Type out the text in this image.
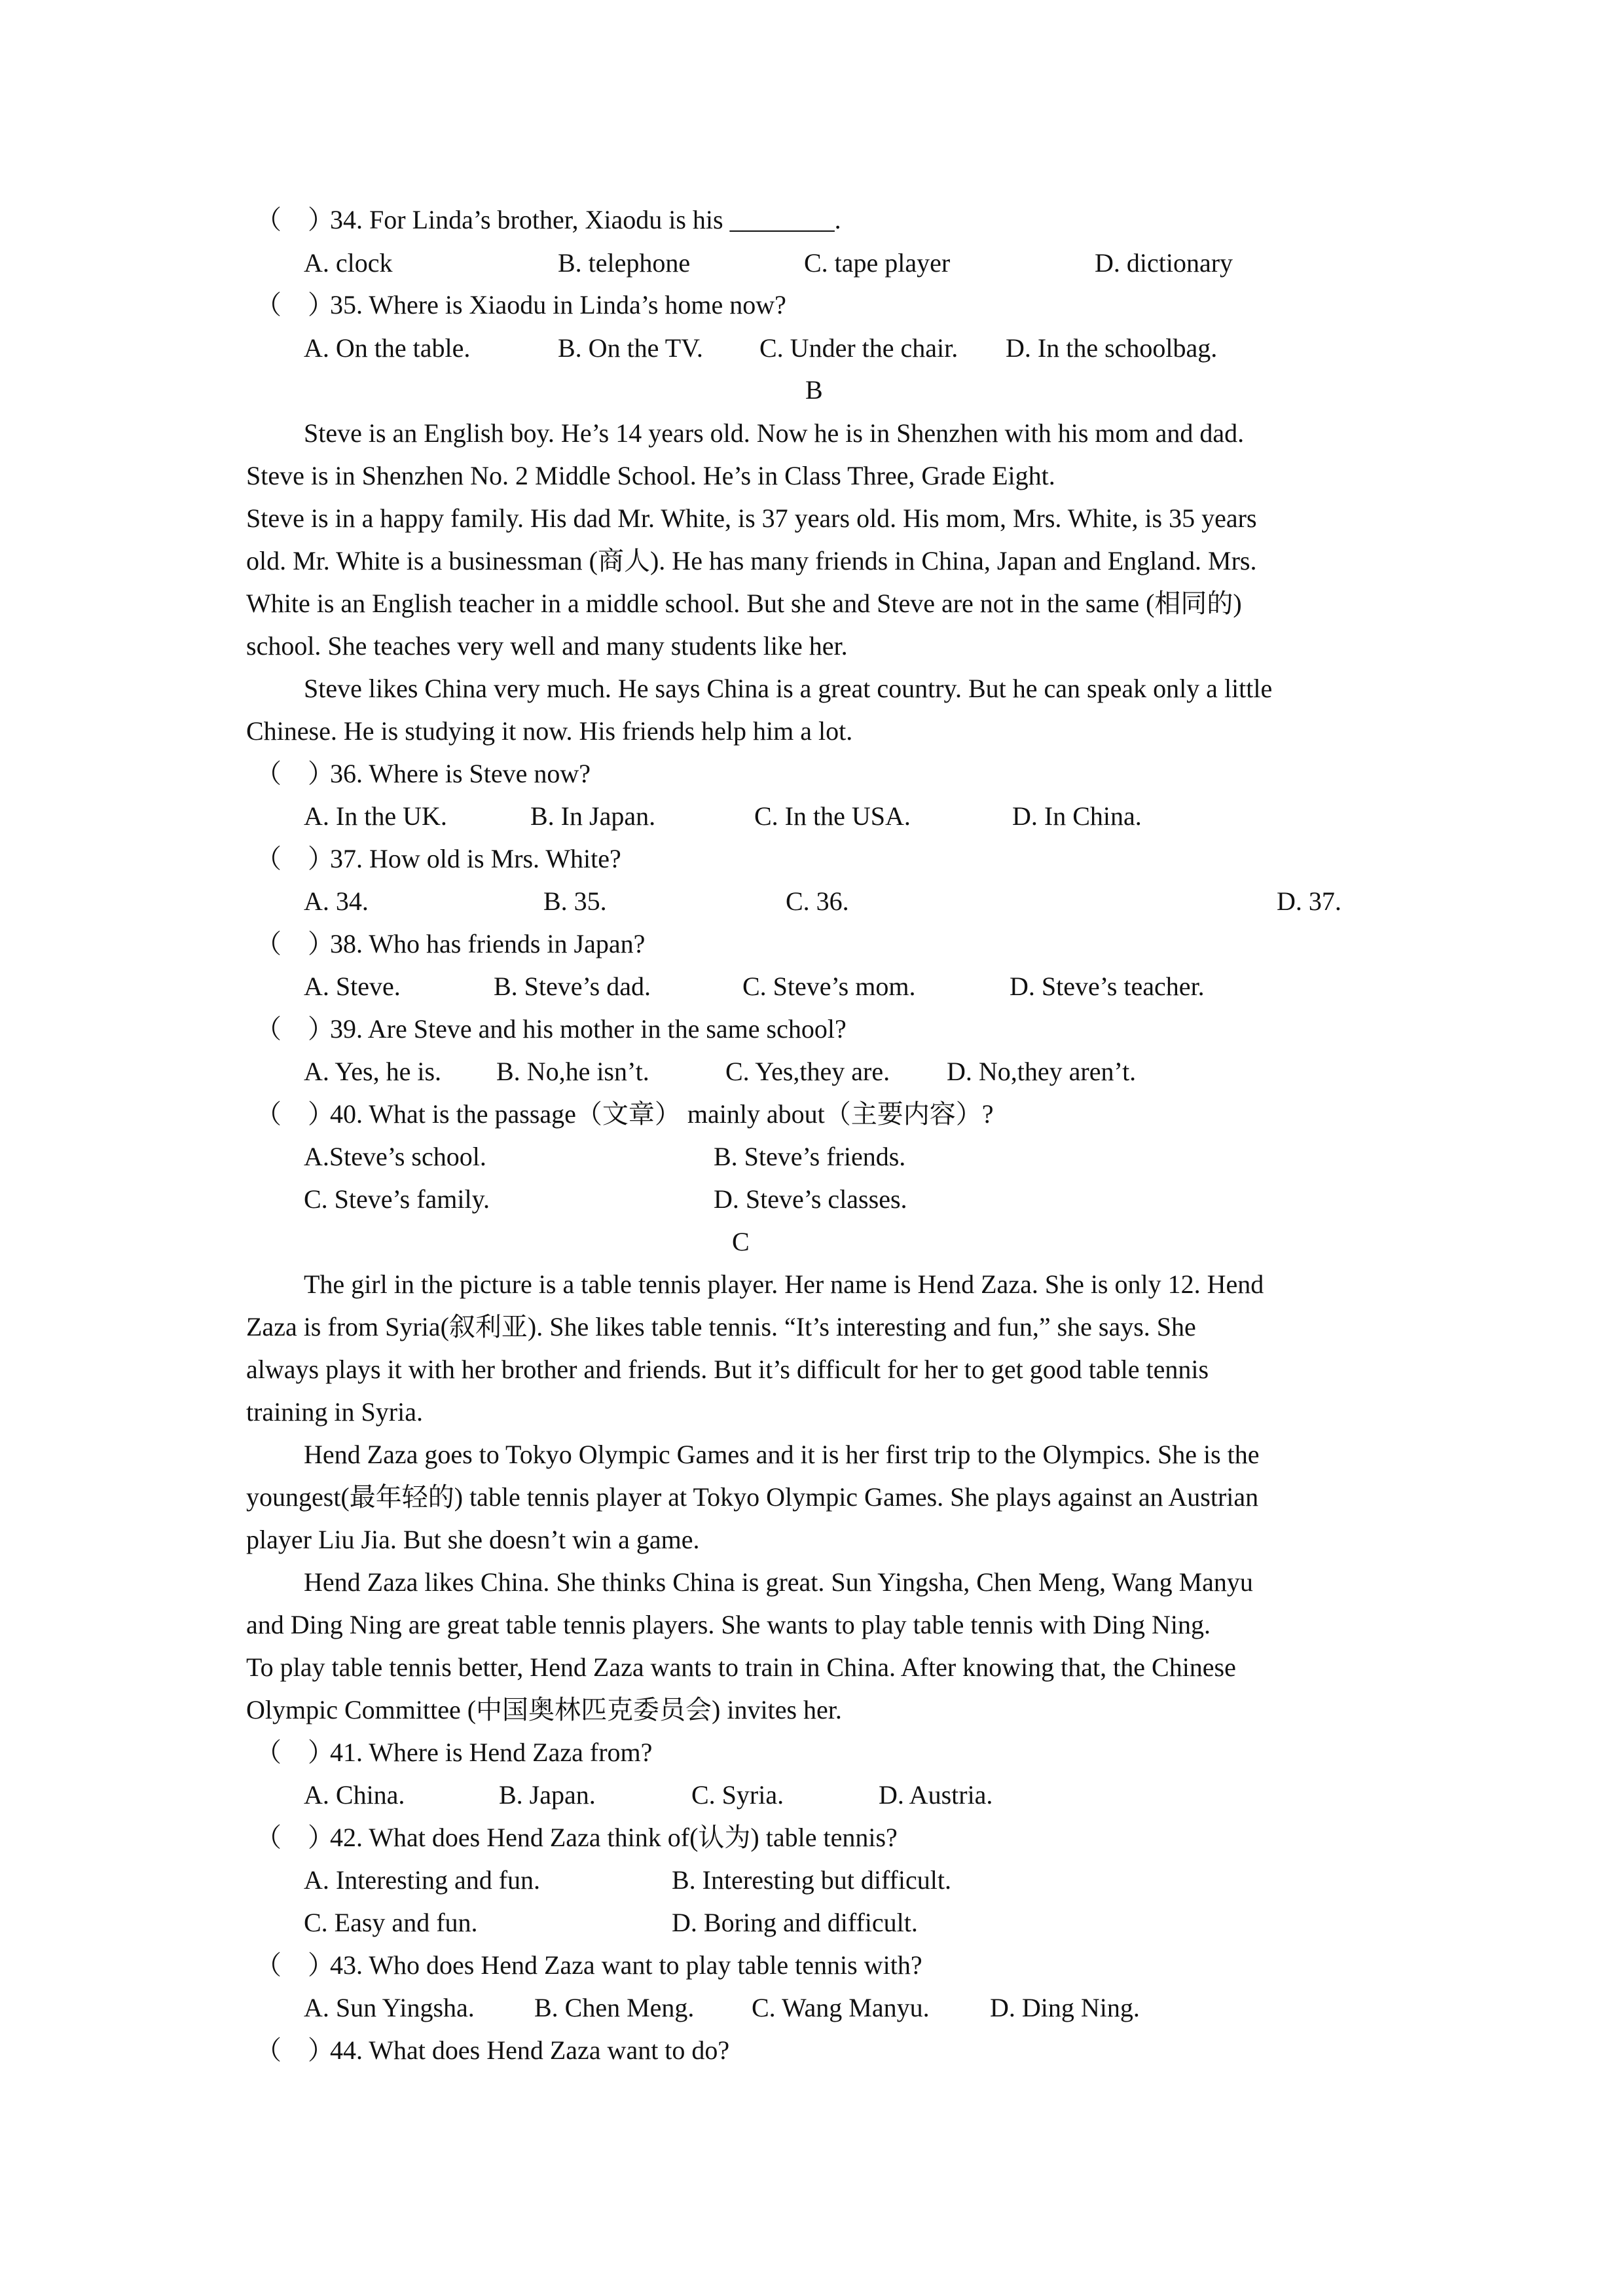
（    ）
34. For Linda’s brother, Xiaodu is his ________.
A. clock	B. telephone	C. tape player	D. dictionary
（    ）
35. Where is Xiaodu in Linda’s home now?
A. On the table.	B. On the TV. C. Under the chair. D. In the schoolbag.
B
Steve is an English boy. He’s 14 years old. Now he is in Shenzhen with his mom and dad.
Steve is in Shenzhen No. 2 Middle School. He’s in Class Three, Grade Eight.
Steve is in a happy family. His dad Mr. White, is 37 years old. His mom, Mrs. White, is 35 years
old. Mr. White is a businessman (商人). He has many friends in China, Japan and England. Mrs.
White is an English teacher in a middle school. But she and Steve are not in the same (相同的)
school. She teaches very well and many students like her.
Steve likes China very much. He says China is a great country. But he can speak only a little
Chinese. He is studying it now. His friends help him a lot.
（    ）
36. Where is Steve now?
A. In the UK.	B. In Japan.	C. In the USA.	D. In China.
（    ）
37. How old is Mrs. White?
A. 34.	B. 35.	C. 36.	D. 37.
（    ）
38. Who has friends in Japan?
A. Steve.	B. Steve’s dad.	C. Steve’s mom.	D. Steve’s teacher.
（    ）
39. Are Steve and his mother in the same school?
A. Yes, he is. B. No,he isn’t.	C. Yes,they are. D. No,they aren’t.
（    ）
40. What is the passage（文章） mainly about（主要内容）?
A.Steve’s school.	B. Steve’s friends.
C. Steve’s family.	D. Steve’s classes.
C
The girl in the picture is a table tennis player. Her name is Hend Zaza. She is only 12. Hend
Zaza is from Syria(叙利亚). She likes table tennis. “It’s interesting and fun,” she says. She
always plays it with her brother and friends. But it’s difficult for her to get good table tennis
training in Syria.
Hend Zaza goes to Tokyo Olympic Games and it is her first trip to the Olympics. She is the
youngest(最年轻的) table tennis player at Tokyo Olympic Games. She plays against an Austrian
player Liu Jia. But she doesn’t win a game.
Hend Zaza likes China. She thinks China is great. Sun Yingsha, Chen Meng, Wang Manyu
and Ding Ning are great table tennis players. She wants to play table tennis with Ding Ning.
To play table tennis better, Hend Zaza wants to train in China. After knowing that, the Chinese
Olympic Committee (中国奥林匹克委员会) invites her.
（    ）
41. Where is Hend Zaza from?
A. China.	B. Japan.	C. Syria.	D. Austria.
（    ）
42. What does Hend Zaza think of(认为) table tennis?
A. Interesting and fun.	B. Interesting but difficult.
C. Easy and fun.	D. Boring and difficult.
（    ）
43. Who does Hend Zaza want to play table tennis with?
A. Sun Yingsha. B. Chen Meng. C. Wang Manyu. D. Ding Ning.
（    ）
44. What does Hend Zaza want to do?
